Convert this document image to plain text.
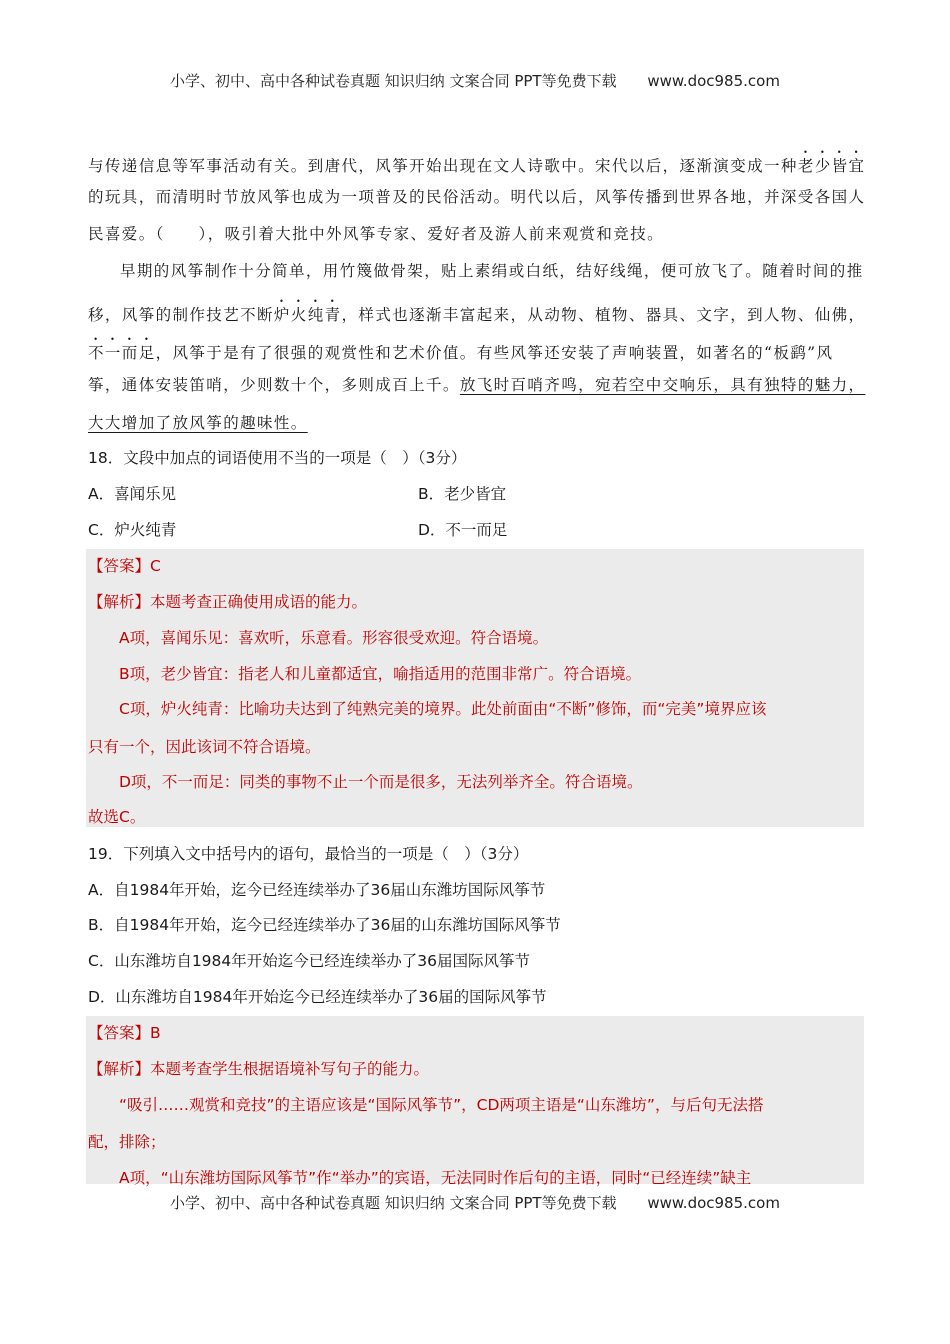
小学、初中、高中各种试卷真题 知识归纳 文案合同 PPT等免费下载 www.doc985.com
与传递信息等军事活动有关。到唐代，风筝开始出现在文人诗歌中。宋代以后，逐渐演变成一种老少皆宜
的玩具，而清明时节放风筝也成为一项普及的民俗活动。明代以后，风筝传播到世界各地，并深受各国人
民喜爱。（　　），吸引着大批中外风筝专家、爱好者及游人前来观赏和竞技。
早期的风筝制作十分简单，用竹篾做骨架，贴上素绢或白纸，结好线绳，便可放飞了。随着时间的推
移，风筝的制作技艺不断炉火纯青，样式也逐渐丰富起来，从动物、植物、器具、文字，到人物、仙佛，
不一而足，风筝于是有了很强的观赏性和艺术价值。有些风筝还安装了声响装置，如著名的“板鹞”风
筝，通体安装笛哨，少则数十个，多则成百上千。放飞时百哨齐鸣，宛若空中交响乐，具有独特的魅力，
大大增加了放风筝的趣味性。
18．文段中加点的词语使用不当的一项是（　）（3分）
A．喜闻乐见	B．老少皆宜
C．炉火纯青	D．不一而足
【答案】C
【解析】本题考查正确使用成语的能力。
A项，喜闻乐见：喜欢听，乐意看。形容很受欢迎。符合语境。
B项，老少皆宜：指老人和儿童都适宜，喻指适用的范围非常广。符合语境。
C项，炉火纯青：比喻功夫达到了纯熟完美的境界。此处前面由“不断”修饰，而“完美”境界应该
只有一个，因此该词不符合语境。
D项，不一而足：同类的事物不止一个而是很多，无法列举齐全。符合语境。
故选C。
19．下列填入文中括号内的语句，最恰当的一项是（　）（3分）
A．自1984年开始，迄今已经连续举办了36届山东潍坊国际风筝节
B．自1984年开始，迄今已经连续举办了36届的山东潍坊国际风筝节
C．山东潍坊自1984年开始迄今已经连续举办了36届国际风筝节
D．山东潍坊自1984年开始迄今已经连续举办了36届的国际风筝节
【答案】B
【解析】本题考查学生根据语境补写句子的能力。
“吸引……观赏和竞技”的主语应该是“国际风筝节”，CD两项主语是“山东潍坊”，与后句无法搭
配，排除；
A项，“山东潍坊国际风筝节”作“举办”的宾语，无法同时作后句的主语，同时“已经连续”缺主
小学、初中、高中各种试卷真题 知识归纳 文案合同 PPT等免费下载 www.doc985.com
